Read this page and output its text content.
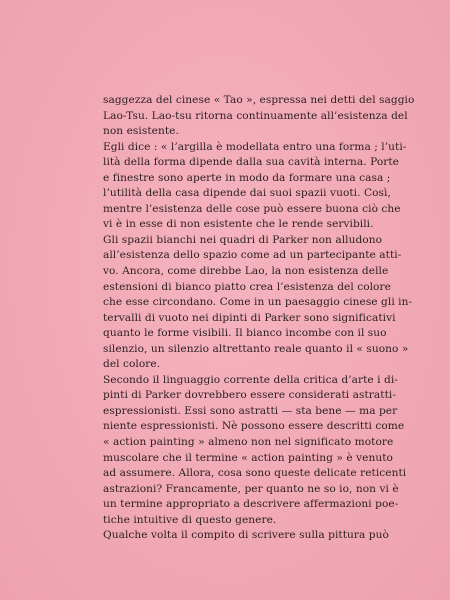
saggezza del cinese « Tao », espressa nei detti del saggio
Lao-Tsu. Lao-tsu ritorna continuamente all’esistenza del
non esistente.

Egli dice : « l’argilla è modellata entro una forma ; l’uti-
lità della forma dipende dalla sua cavità interna. Porte
e finestre sono aperte in modo da formare una casa ;
l’utilità della casa dipende dai suoi spazii vuoti. Così,
mentre l’esistenza delle cose può essere buona ciò che
vi è in esse di non esistente che le rende servibili.

Gli spazii bianchi nei quadri di Parker non alludono
all’esistenza dello spazio come ad un partecipante atti-
vo. Ancora, come direbbe Lao, la non esistenza delle
estensioni di bianco piatto crea l’esistenza del colore
che esse circondano. Come in un paesaggio cinese gli in-
tervalli di vuoto nei dipinti di Parker sono significativi
quanto le forme visibili. Il bianco incombe con il suo
silenzio, un silenzio altrettanto reale quanto il « suono »
del colore.

Secondo il linguaggio corrente della critica d’arte i di-
pinti di Parker dovrebbero essere considerati astratti-
espressionisti. Essi sono astratti — sta bene — ma per
niente espressionisti. Nè possono essere descritti come
« action painting » almeno non nel significato motore
muscolare che il termine « action painting » è venuto
ad assumere. Allora, cosa sono queste delicate reticenti
astrazioni? Francamente, per quanto ne so io, non vi è
un termine appropriato a descrivere affermazioni poe-
tiche intuitive di questo genere.

Qualche volta il compito di scrivere sulla pittura può
